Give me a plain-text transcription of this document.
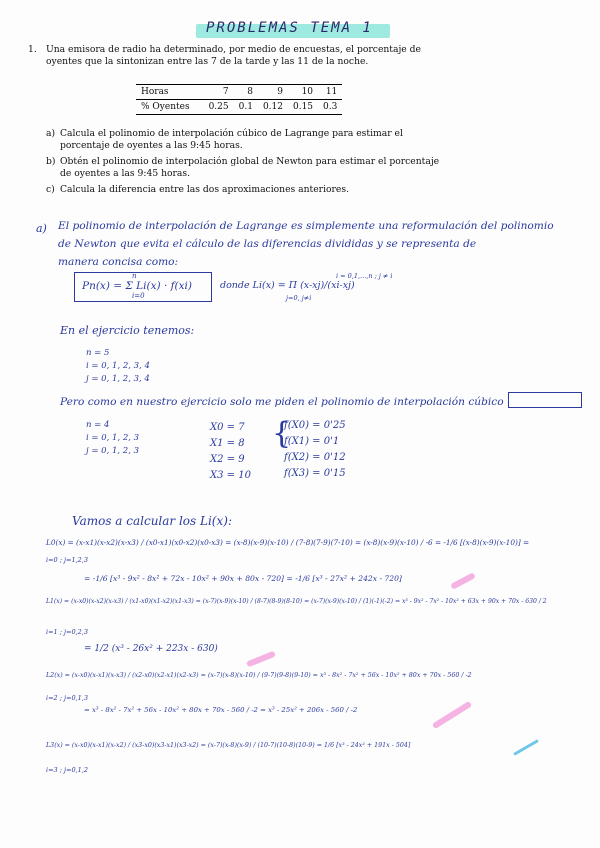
PROBLEMAS TEMA 1
1. Una emisora de radio ha determinado, por medio de encuestas, el porcentaje de oyentes que la sintonizan entre las 7 de la tarde y las 11 de la noche.
Horas	7	8	9	10	11
% Oyentes	0.25	0.1	0.12	0.15	0.3
a) Calcula el polinomio de interpolación cúbico de Lagrange para estimar el porcentaje de oyentes a las 9:45 horas.
b) Obtén el polinomio de interpolación global de Newton para estimar el porcentaje de oyentes a las 9:45 horas.
c) Calcula la diferencia entre las dos aproximaciones anteriores.
a) El polinomio de interpolación de Lagrange es simplemente una reformulación del polinomio
de Newton que evita el cálculo de las diferencias divididas y se representa de
manera concisa como:
Pn(x) = Σ Li(x) · f(xi)
i=0
n
donde Li(x) = Π (x-xj)/(xi-xj)
j=0, j≠i
i = 0,1,...,n ; j ≠ i
En el ejercicio tenemos:
n = 5
i = 0, 1, 2, 3, 4
j = 0, 1, 2, 3, 4
Pero como en nuestro ejercicio solo me piden el polinomio de interpolación cúbico
n = 4
i = 0, 1, 2, 3
j = 0, 1, 2, 3
X0 = 7
X1 = 8
X2 = 9
X3 = 10
{
f(X0) = 0'25
f(X1) = 0'1
f(X2) = 0'12
f(X3) = 0'15
Vamos a calcular los Li(x):
L0(x) = (x-x1)(x-x2)(x-x3) / (x0-x1)(x0-x2)(x0-x3) = (x-8)(x-9)(x-10) / (7-8)(7-9)(7-10) = (x-8)(x-9)(x-10) / -6 = -1/6 [(x-8)(x-9)(x-10)] =
i=0 ; j=1,2,3
= -1/6 [x³ - 9x² - 8x² + 72x - 10x² + 90x + 80x - 720] = -1/6 [x³ - 27x² + 242x - 720]
L1(x) = (x-x0)(x-x2)(x-x3) / (x1-x0)(x1-x2)(x1-x3) = (x-7)(x-9)(x-10) / (8-7)(8-9)(8-10) = (x-7)(x-9)(x-10) / (1)(-1)(-2) = x³ - 9x² - 7x² - 10x² + 63x + 90x + 70x - 630 / 2
i=1 ; j=0,2,3
= 1/2 (x³ - 26x² + 223x - 630)
L2(x) = (x-x0)(x-x1)(x-x3) / (x2-x0)(x2-x1)(x2-x3) = (x-7)(x-8)(x-10) / (9-7)(9-8)(9-10) = x³ - 8x² - 7x² + 56x - 10x² + 80x + 70x - 560 / -2
i=2 ; j=0,1,3
= x³ - 8x² - 7x² + 56x - 10x² + 80x + 70x - 560 / -2 = x³ - 25x² + 206x - 560 / -2
L3(x) = (x-x0)(x-x1)(x-x2) / (x3-x0)(x3-x1)(x3-x2) = (x-7)(x-8)(x-9) / (10-7)(10-8)(10-9) = 1/6 [x³ - 24x² + 191x - 504]
i=3 ; j=0,1,2
